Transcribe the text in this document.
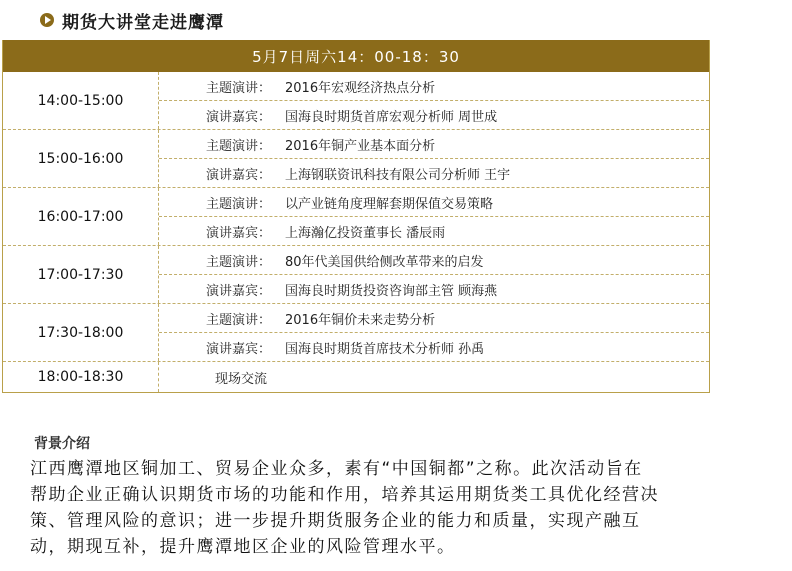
期货大讲堂走进鹰潭
5月7日周六14：00-18：30
14:00-15:00
主题演讲：	2016年宏观经济热点分析
演讲嘉宾：	国海良时期货首席宏观分析师 周世成
15:00-16:00
主题演讲：	2016年铜产业基本面分析
演讲嘉宾：	上海钢联资讯科技有限公司分析师 王宇
16:00-17:00
主题演讲：	以产业链角度理解套期保值交易策略
演讲嘉宾：	上海瀚亿投资董事长 潘辰雨
17:00-17:30
主题演讲：	80年代美国供给侧改革带来的启发
演讲嘉宾：	国海良时期货投资咨询部主管 顾海燕
17:30-18:00
主题演讲：	2016年铜价未来走势分析
演讲嘉宾：	国海良时期货首席技术分析师 孙禹
18:00-18:30	现场交流
背景介绍
江西鹰潭地区铜加工、贸易企业众多，素有“中国铜都”之称。此次活动旨在
帮助企业正确认识期货市场的功能和作用，培养其运用期货类工具优化经营决
策、管理风险的意识；进一步提升期货服务企业的能力和质量，实现产融互
动，期现互补，提升鹰潭地区企业的风险管理水平。
